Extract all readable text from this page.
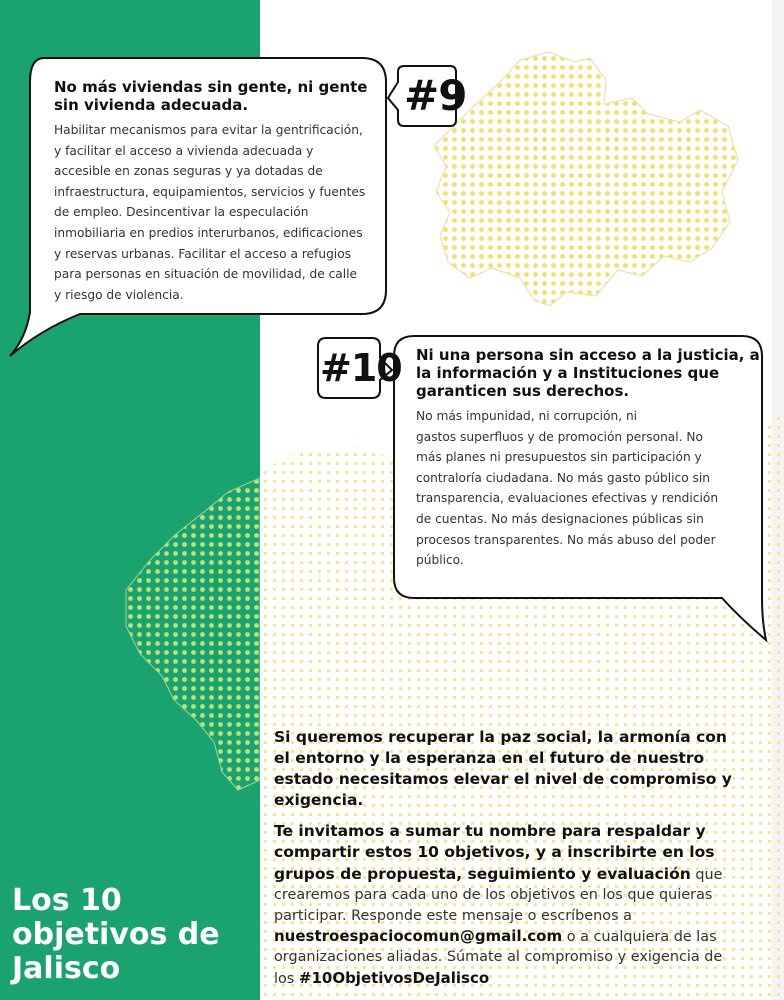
#9
#10
No más viviendas sin gente, ni gente sin vivienda adecuada.
Habilitar mecanismos para evitar la gentrificación,
y facilitar el acceso a vivienda adecuada y
accesible en zonas seguras y ya dotadas de
infraestructura, equipamientos, servicios y fuentes
de empleo. Desincentivar la especulación
inmobiliaria en predios interurbanos, edificaciones
y reservas urbanas. Facilitar el acceso a refugios
para personas en situación de movilidad, de calle
y riesgo de violencia.
Ni una persona sin acceso a la justicia, a la información y a Instituciones que garanticen sus derechos.
No más impunidad, ni corrupción, ni
gastos superfluos y de promoción personal. No
más planes ni presupuestos sin participación y
contraloría ciudadana. No más gasto público sin
transparencia, evaluaciones efectivas y rendición
de cuentas. No más designaciones públicas sin
procesos transparentes. No más abuso del poder
público.

Si queremos recuperar la paz social, la armonía con el entorno y la esperanza en el futuro de nuestro estado necesitamos elevar el nivel de compromiso y exigencia.

Te invitamos a sumar tu nombre para respaldar y compartir estos 10 objetivos, y a inscribirte en los grupos de propuesta, seguimiento y evaluación que crearemos para cada uno de los objetivos en los que quieras participar. Responde este mensaje o escríbenos a nuestroespaciocomun@gmail.com o a cualquiera de las organizaciones aliadas. Súmate al compromiso y exigencia de los #10ObjetivosDeJalisco

Los 10 objetivos de Jalisco
